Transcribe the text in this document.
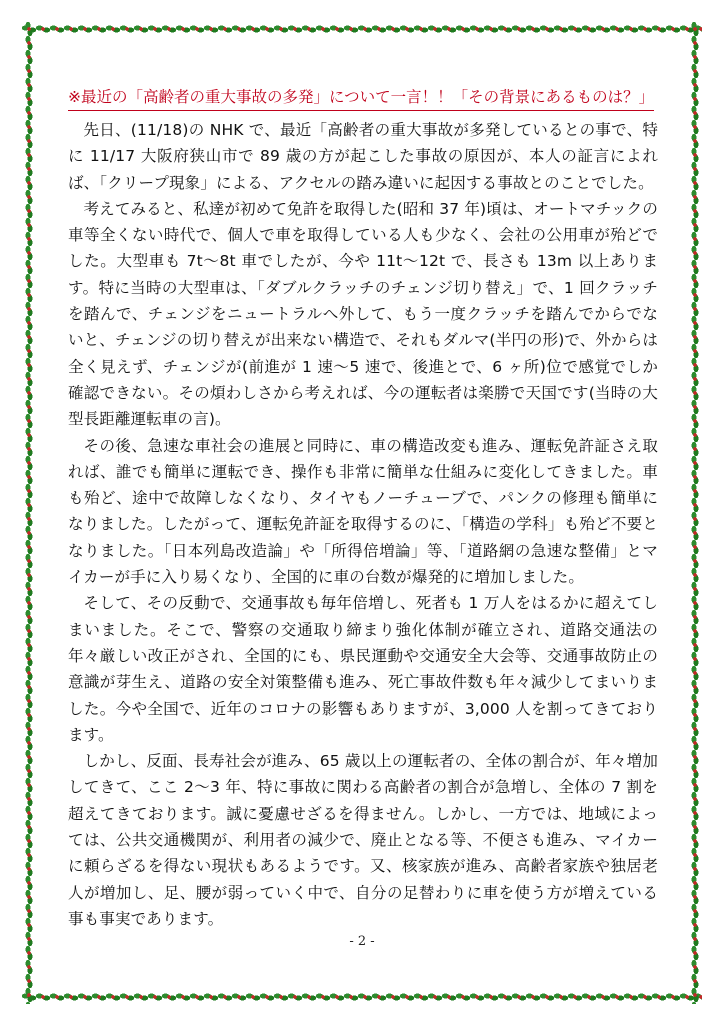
※最近の「高齢者の重大事故の多発」について一言！！「その背景にあるものは？」

先日、(11/18)の NHK で、最近「高齢者の重大事故が多発しているとの事で、特に 11/17 大阪府狭山市で 89 歳の方が起こした事故の原因が、本人の証言によれば、「クリープ現象」による、アクセルの踏み違いに起因する事故とのことでした。

考えてみると、私達が初めて免許を取得した(昭和 37 年)頃は、オートマチックの車等全くない時代で、個人で車を取得している人も少なく、会社の公用車が殆どでした。大型車も 7t〜8t 車でしたが、今や 11t〜12t で、長さも 13m 以上あります。特に当時の大型車は、「ダブルクラッチのチェンジ切り替え」で、1 回クラッチを踏んで、チェンジをニュートラルへ外して、もう一度クラッチを踏んでからでないと、チェンジの切り替えが出来ない構造で、それもダルマ(半円の形)で、外からは全く見えず、チェンジが(前進が 1 速〜5 速で、後進とで、6 ヶ所)位で感覚でしか確認できない。その煩わしさから考えれば、今の運転者は楽勝で天国です(当時の大型長距離運転車の言)。

その後、急速な車社会の進展と同時に、車の構造改変も進み、運転免許証さえ取れば、誰でも簡単に運転でき、操作も非常に簡単な仕組みに変化してきました。車も殆ど、途中で故障しなくなり、タイヤもノーチューブで、パンクの修理も簡単になりました。したがって、運転免許証を取得するのに、「構造の学科」も殆ど不要となりました。「日本列島改造論」や「所得倍増論」等、「道路網の急速な整備」とマイカーが手に入り易くなり、全国的に車の台数が爆発的に増加しました。

そして、その反動で、交通事故も毎年倍増し、死者も 1 万人をはるかに超えてしまいました。そこで、警察の交通取り締まり強化体制が確立され、道路交通法の年々厳しい改正がされ、全国的にも、県民運動や交通安全大会等、交通事故防止の意識が芽生え、道路の安全対策整備も進み、死亡事故件数も年々減少してまいりました。今や全国で、近年のコロナの影響もありますが、3,000 人を割ってきております。

しかし、反面、長寿社会が進み、65 歳以上の運転者の、全体の割合が、年々増加してきて、ここ 2〜3 年、特に事故に関わる高齢者の割合が急増し、全体の 7 割を超えてきております。誠に憂慮せざるを得ません。しかし、一方では、地域によっては、公共交通機関が、利用者の減少で、廃止となる等、不便さも進み、マイカーに頼らざるを得ない現状もあるようです。又、核家族が進み、高齢者家族や独居老人が増加し、足、腰が弱っていく中で、自分の足替わりに車を使う方が増えている事も事実であります。

- 2 -
